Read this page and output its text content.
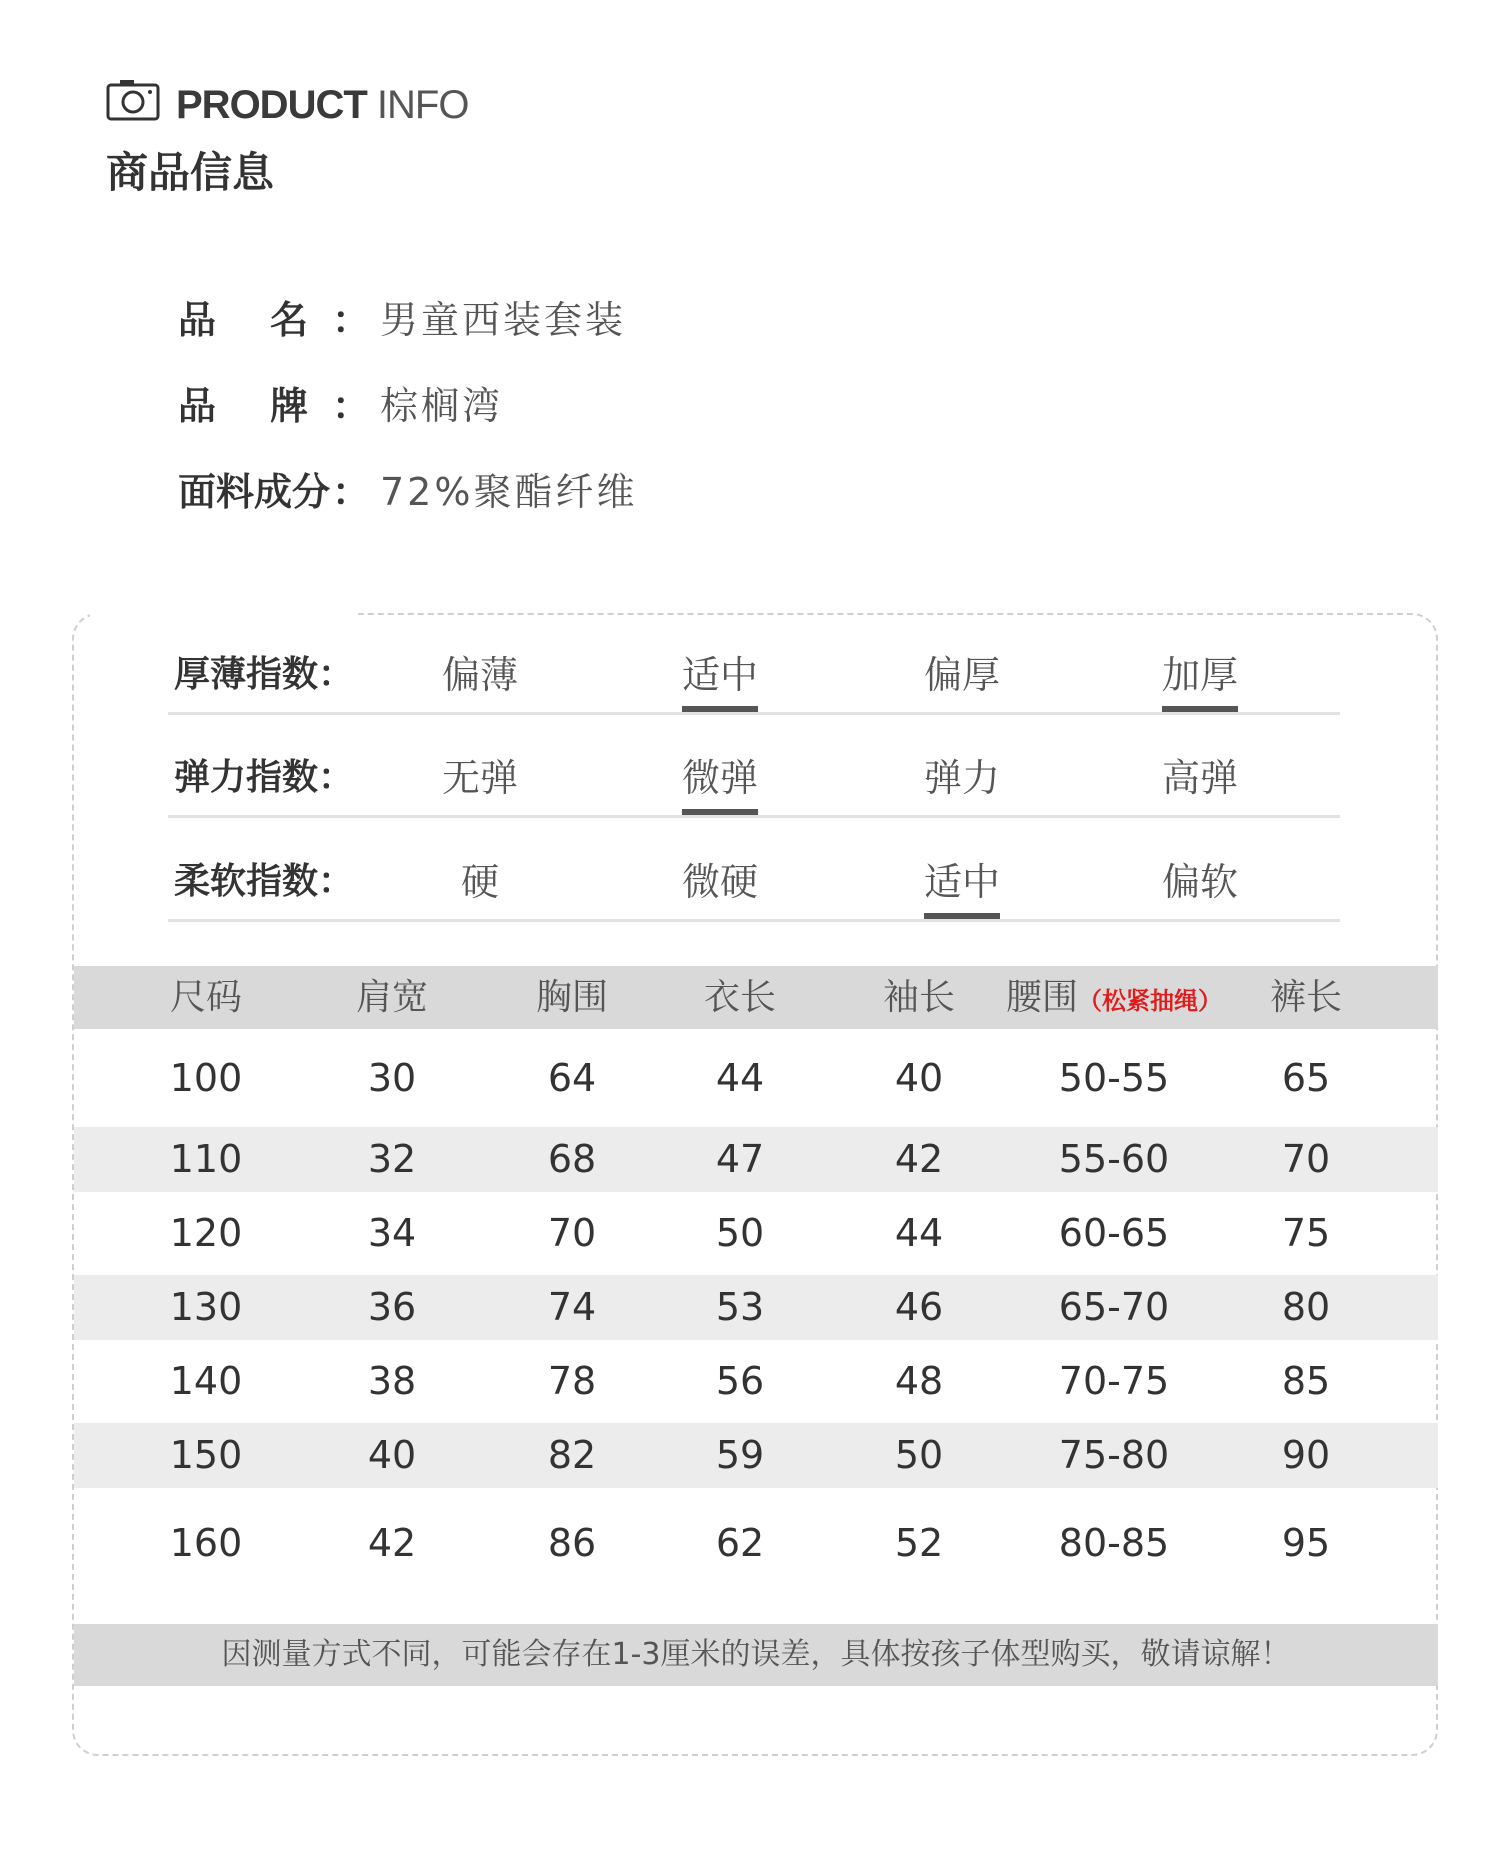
PRODUCT INFO
商品信息
品 名 ： 男童西装套装
品 牌 ： 棕榈湾
面料成分 ： 72%聚酯纤维
厚薄指数：	偏薄	适中	偏厚	加厚
弹力指数：	无弹	微弹	弹力	高弹
柔软指数：	硬	微硬	适中	偏软
尺码	肩宽	胸围	衣长	袖长	腰围（松紧抽绳）	裤长
100	30	64	44	40	50-55	65
110	32	68	47	42	55-60	70
120	34	70	50	44	60-65	75
130	36	74	53	46	65-70	80
140	38	78	56	48	70-75	85
150	40	82	59	50	75-80	90
160	42	86	62	52	80-85	95
因测量方式不同，可能会存在1-3厘米的误差，具体按孩子体型购买，敬请谅解！
